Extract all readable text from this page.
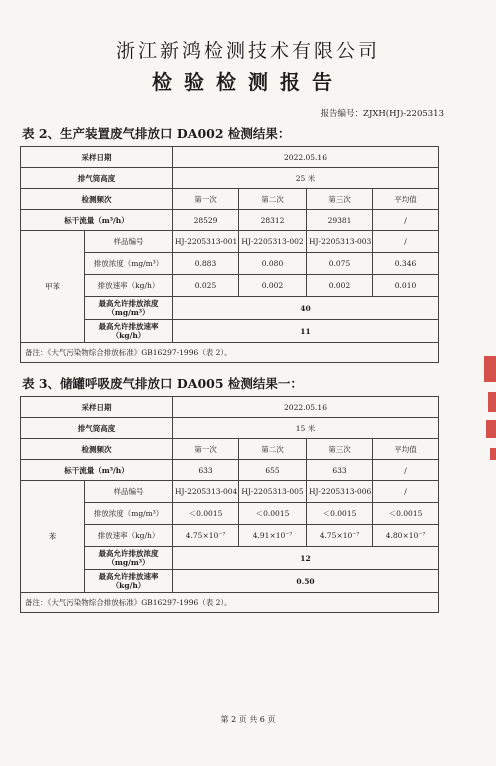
浙江新鸿检测技术有限公司
检验检测报告
报告编号：ZJXH(HJ)-2205313
表 2、生产装置废气排放口 DA002 检测结果：
采样日期		2022.05.16			
排气筒高度		25 米			
检测频次		第一次	第二次	第三次	平均值
标干流量（m³/h）		28529	28312	29381	/
甲苯	样品编号	HJ-2205313-001	HJ-2205313-002	HJ-2205313-003	/
	排放浓度（mg/m³）	0.883	0.080	0.075	0.346
	排放速率（kg/h）	0.025	0.002	0.002	0.010
	最高允许排放浓度（mg/m³）	40			
	最高允许排放速率（kg/h）	11			
备注：《大气污染物综合排放标准》GB16297-1996（表 2）。					
表 3、储罐呼吸废气排放口 DA005 检测结果一：
采样日期		2022.05.16			
排气筒高度		15 米			
检测频次		第一次	第二次	第三次	平均值
标干流量（m³/h）		633	655	633	/
苯	样品编号	HJ-2205313-004	HJ-2205313-005	HJ-2205313-006	/
	排放浓度（mg/m³）	＜0.0015	＜0.0015	＜0.0015	＜0.0015
	排放速率（kg/h）	4.75×10⁻⁷	4.91×10⁻⁷	4.75×10⁻⁷	4.80×10⁻⁷
	最高允许排放浓度（mg/m³）	12			
	最高允许排放速率（kg/h）	0.50			
备注：《大气污染物综合排放标准》GB16297-1996（表 2）。					
第 2 页 共 6 页
